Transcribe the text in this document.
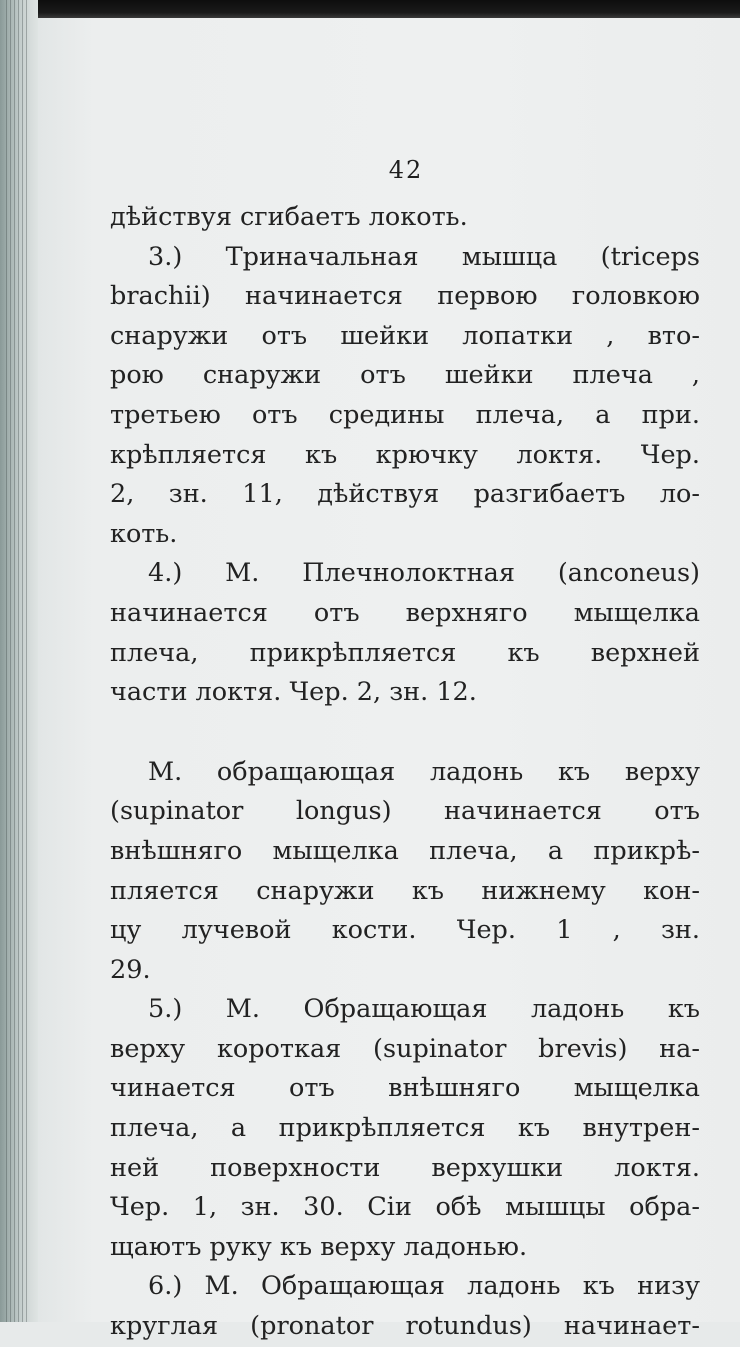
42
дѣйствуя сгибаетъ локоть.
3.) Триначальная мышца (triceps
brachii) начинается первою головкою
снаружи отъ шейки лопатки , вто-
рою снаружи отъ шейки плеча ,
третьею отъ средины плеча, а при.
крѣпляется къ крючку локтя. Чер.
2, зн. 11, дѣйствуя разгибаетъ ло-
коть.
4.) М. Плечнолоктная (anconeus)
начинается отъ верхняго мыщелка
плеча, прикрѣпляется къ верхней
части локтя. Чер. 2, зн. 12.
М. обращающая ладонь къ верху
(supinator longus) начинается отъ
внѣшняго мыщелка плеча, а прикрѣ-
пляется снаружи къ нижнему кон-
цу лучевой кости. Чер. 1 , зн.
29.
5.) М. Обращающая ладонь къ
верху короткая (supinator brevis) на-
чинается отъ внѣшняго мыщелка
плеча, а прикрѣпляется къ внутрен-
ней поверхности верхушки локтя.
Чер. 1, зн. 30. Сіи обѣ мышцы обра-
щаютъ руку къ верху ладонью.
6.) М. Обращающая ладонь къ низу
круглая (pronator rotundus) начинает-
